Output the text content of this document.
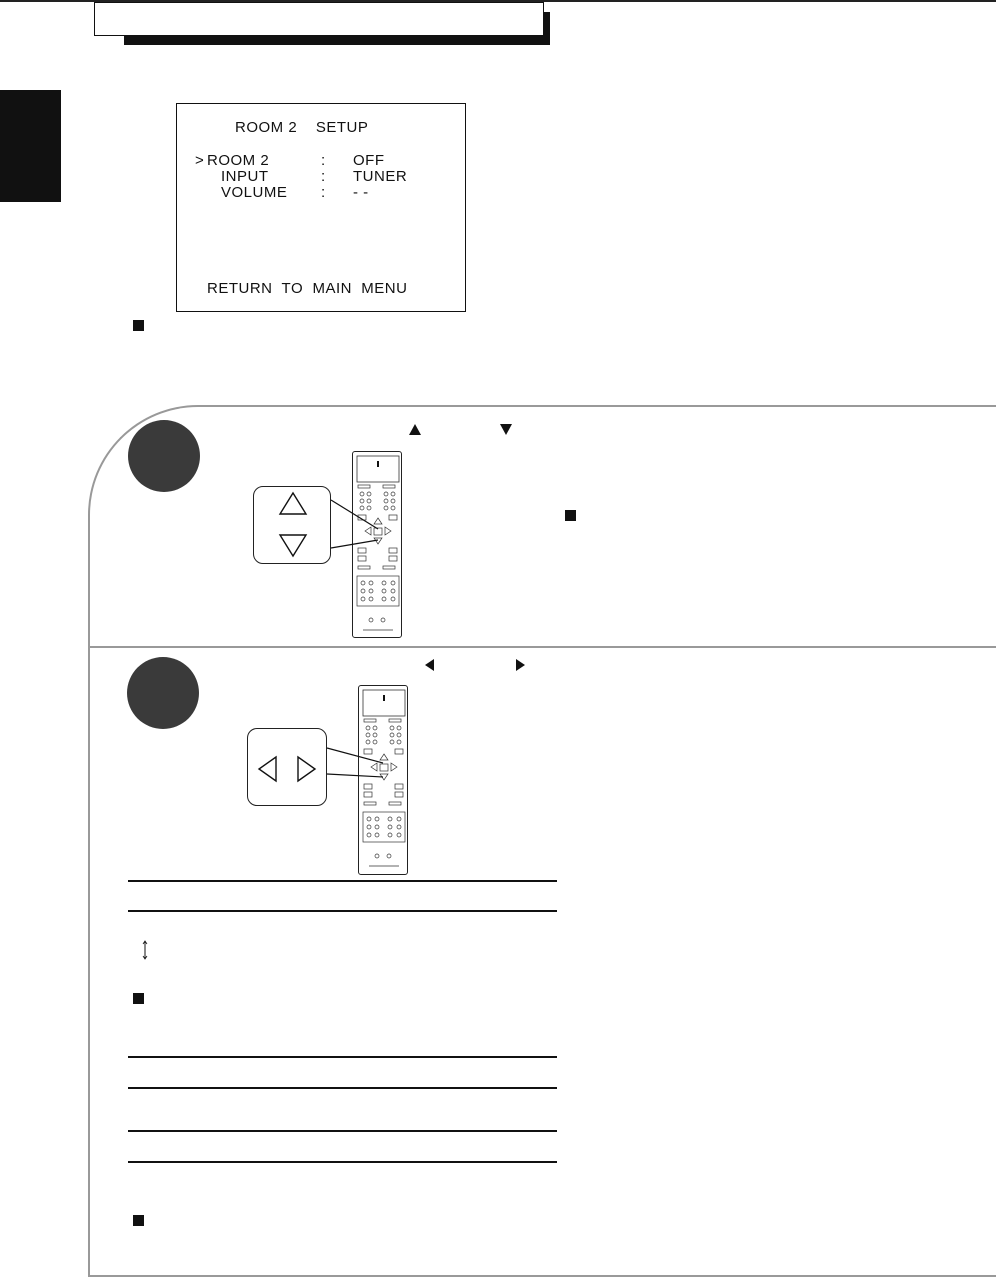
ROOM 2    SETUP
> ROOM 2	: OFF
INPUT	: TUNER
VOLUME : - -
RETURN  TO  MAIN  MENU
